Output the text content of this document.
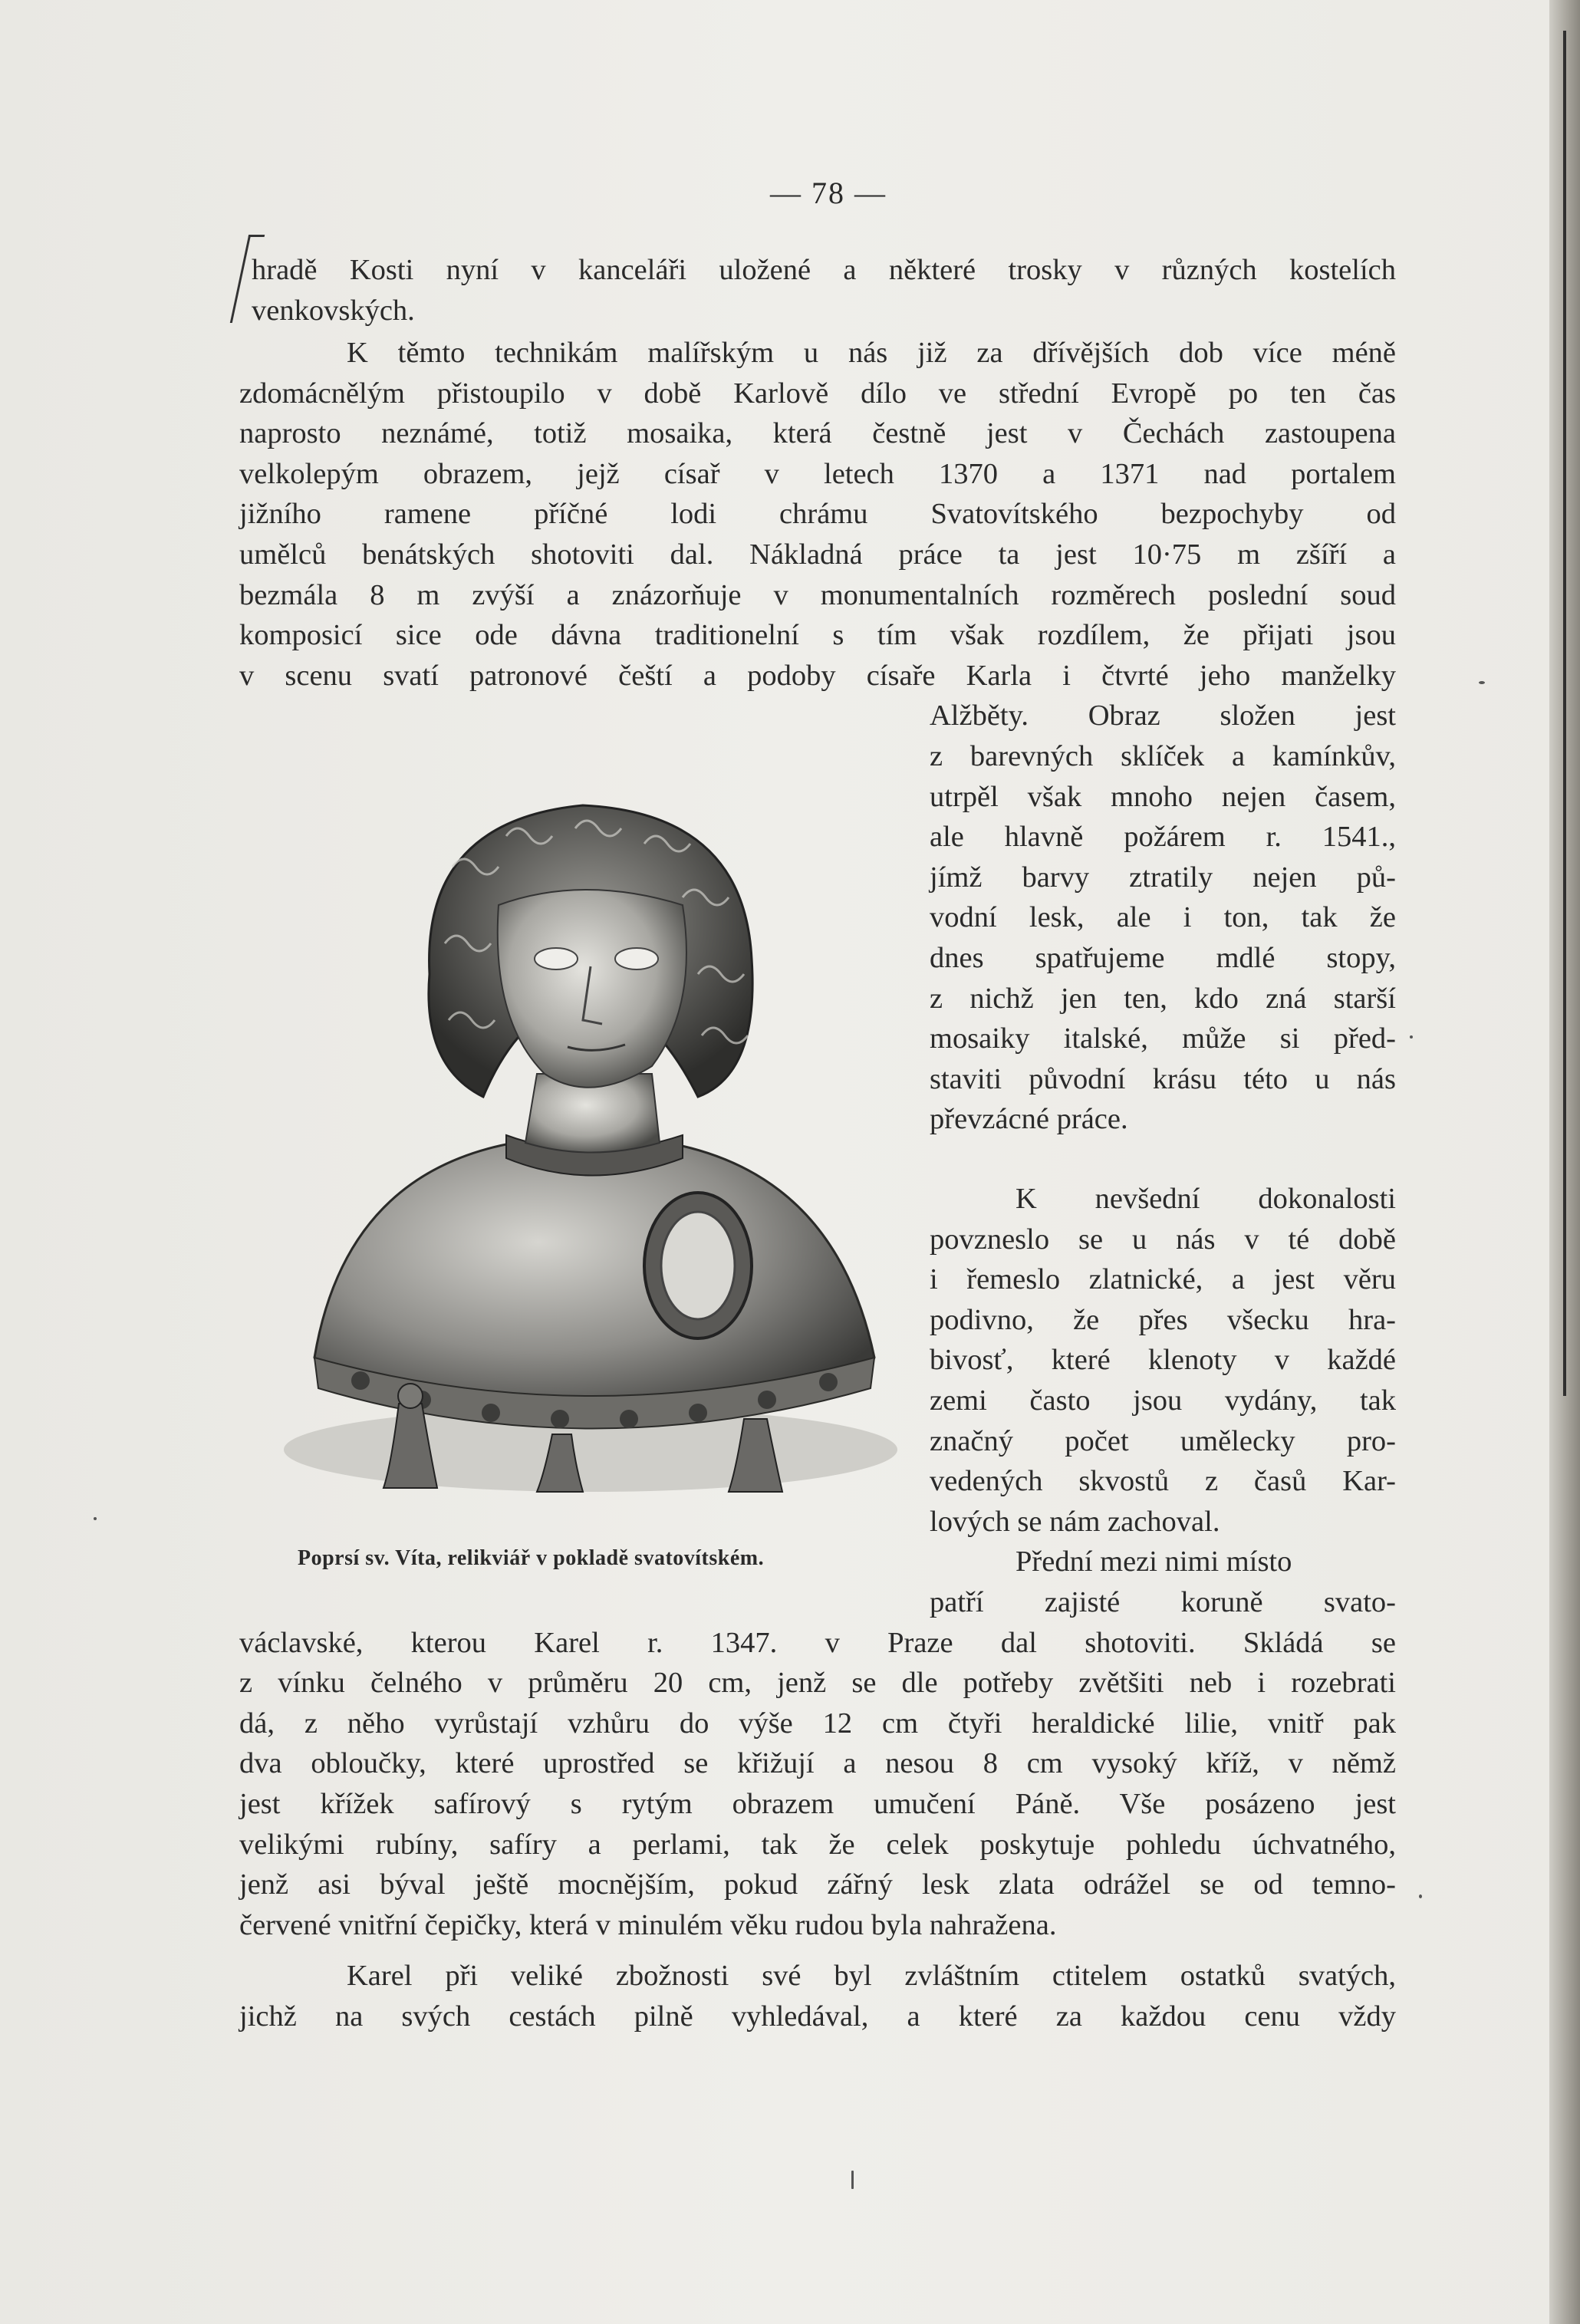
— 78 —
hradě Kosti nyní v kanceláři uložené a některé trosky v různých kostelích
venkovských.
K těmto technikám malířským u nás již za dřívějších dob více méně
zdomácnělým přistoupilo v době Karlově dílo ve střední Evropě po ten čas
naprosto neznámé, totiž mosaika, která čestně jest v Čechách zastoupena
velkolepým obrazem, jejž císař v letech 1370 a 1371 nad portalem
jižního ramene příčné lodi chrámu Svatovítského bezpochyby od
umělců benátských shotoviti dal. Nákladná práce ta jest 10·75 m zšíří a
bezmála 8 m zvýší a znázorňuje v monumentalních rozměrech poslední soud
komposicí sice ode dávna traditionelní s tím však rozdílem, že přijati jsou
v scenu svatí patronové čeští a podoby císaře Karla i čtvrté jeho manželky
Alžběty. Obraz složen jest
z barevných sklíček a kamínkův,
utrpěl však mnoho nejen časem,
ale hlavně požárem r. 1541.,
jímž barvy ztratily nejen pů-
vodní lesk, ale i ton, tak že
dnes spatřujeme mdlé stopy,
z nichž jen ten, kdo zná starší
mosaiky italské, může si před-
staviti původní krásu této u nás
převzácné práce.
K nevšední dokonalosti
povzneslo se u nás v té době
i řemeslo zlatnické, a jest věru
podivno, že přes všecku hra-
bivosť, které klenoty v každé
zemi často jsou vydány, tak
značný počet umělecky pro-
vedených skvostů z časů Kar-
lových se nám zachoval.
Přední mezi nimi místo
patří zajisté koruně svato-
václavské, kterou Karel r. 1347. v Praze dal shotoviti. Skládá se
z vínku čelného v průměru 20 cm, jenž se dle potřeby zvětšiti neb i rozebrati
dá, z něho vyrůstají vzhůru do výše 12 cm čtyři heraldické lilie, vnitř pak
dva obloučky, které uprostřed se křižují a nesou 8 cm vysoký kříž, v němž
jest křížek safírový s rytým obrazem umučení Páně. Vše posázeno jest
velikými rubíny, safíry a perlami, tak že celek poskytuje pohledu úchvatného,
jenž asi býval ještě mocnějším, pokud zářný lesk zlata odrážel se od temno-
červené vnitřní čepičky, která v minulém věku rudou byla nahražena.
Karel při veliké zbožnosti své byl zvláštním ctitelem ostatků svatých,
jichž na svých cestách pilně vyhledával, a které za každou cenu vždy
Poprsí sv. Víta, relikviář v pokladě svatovítském.
